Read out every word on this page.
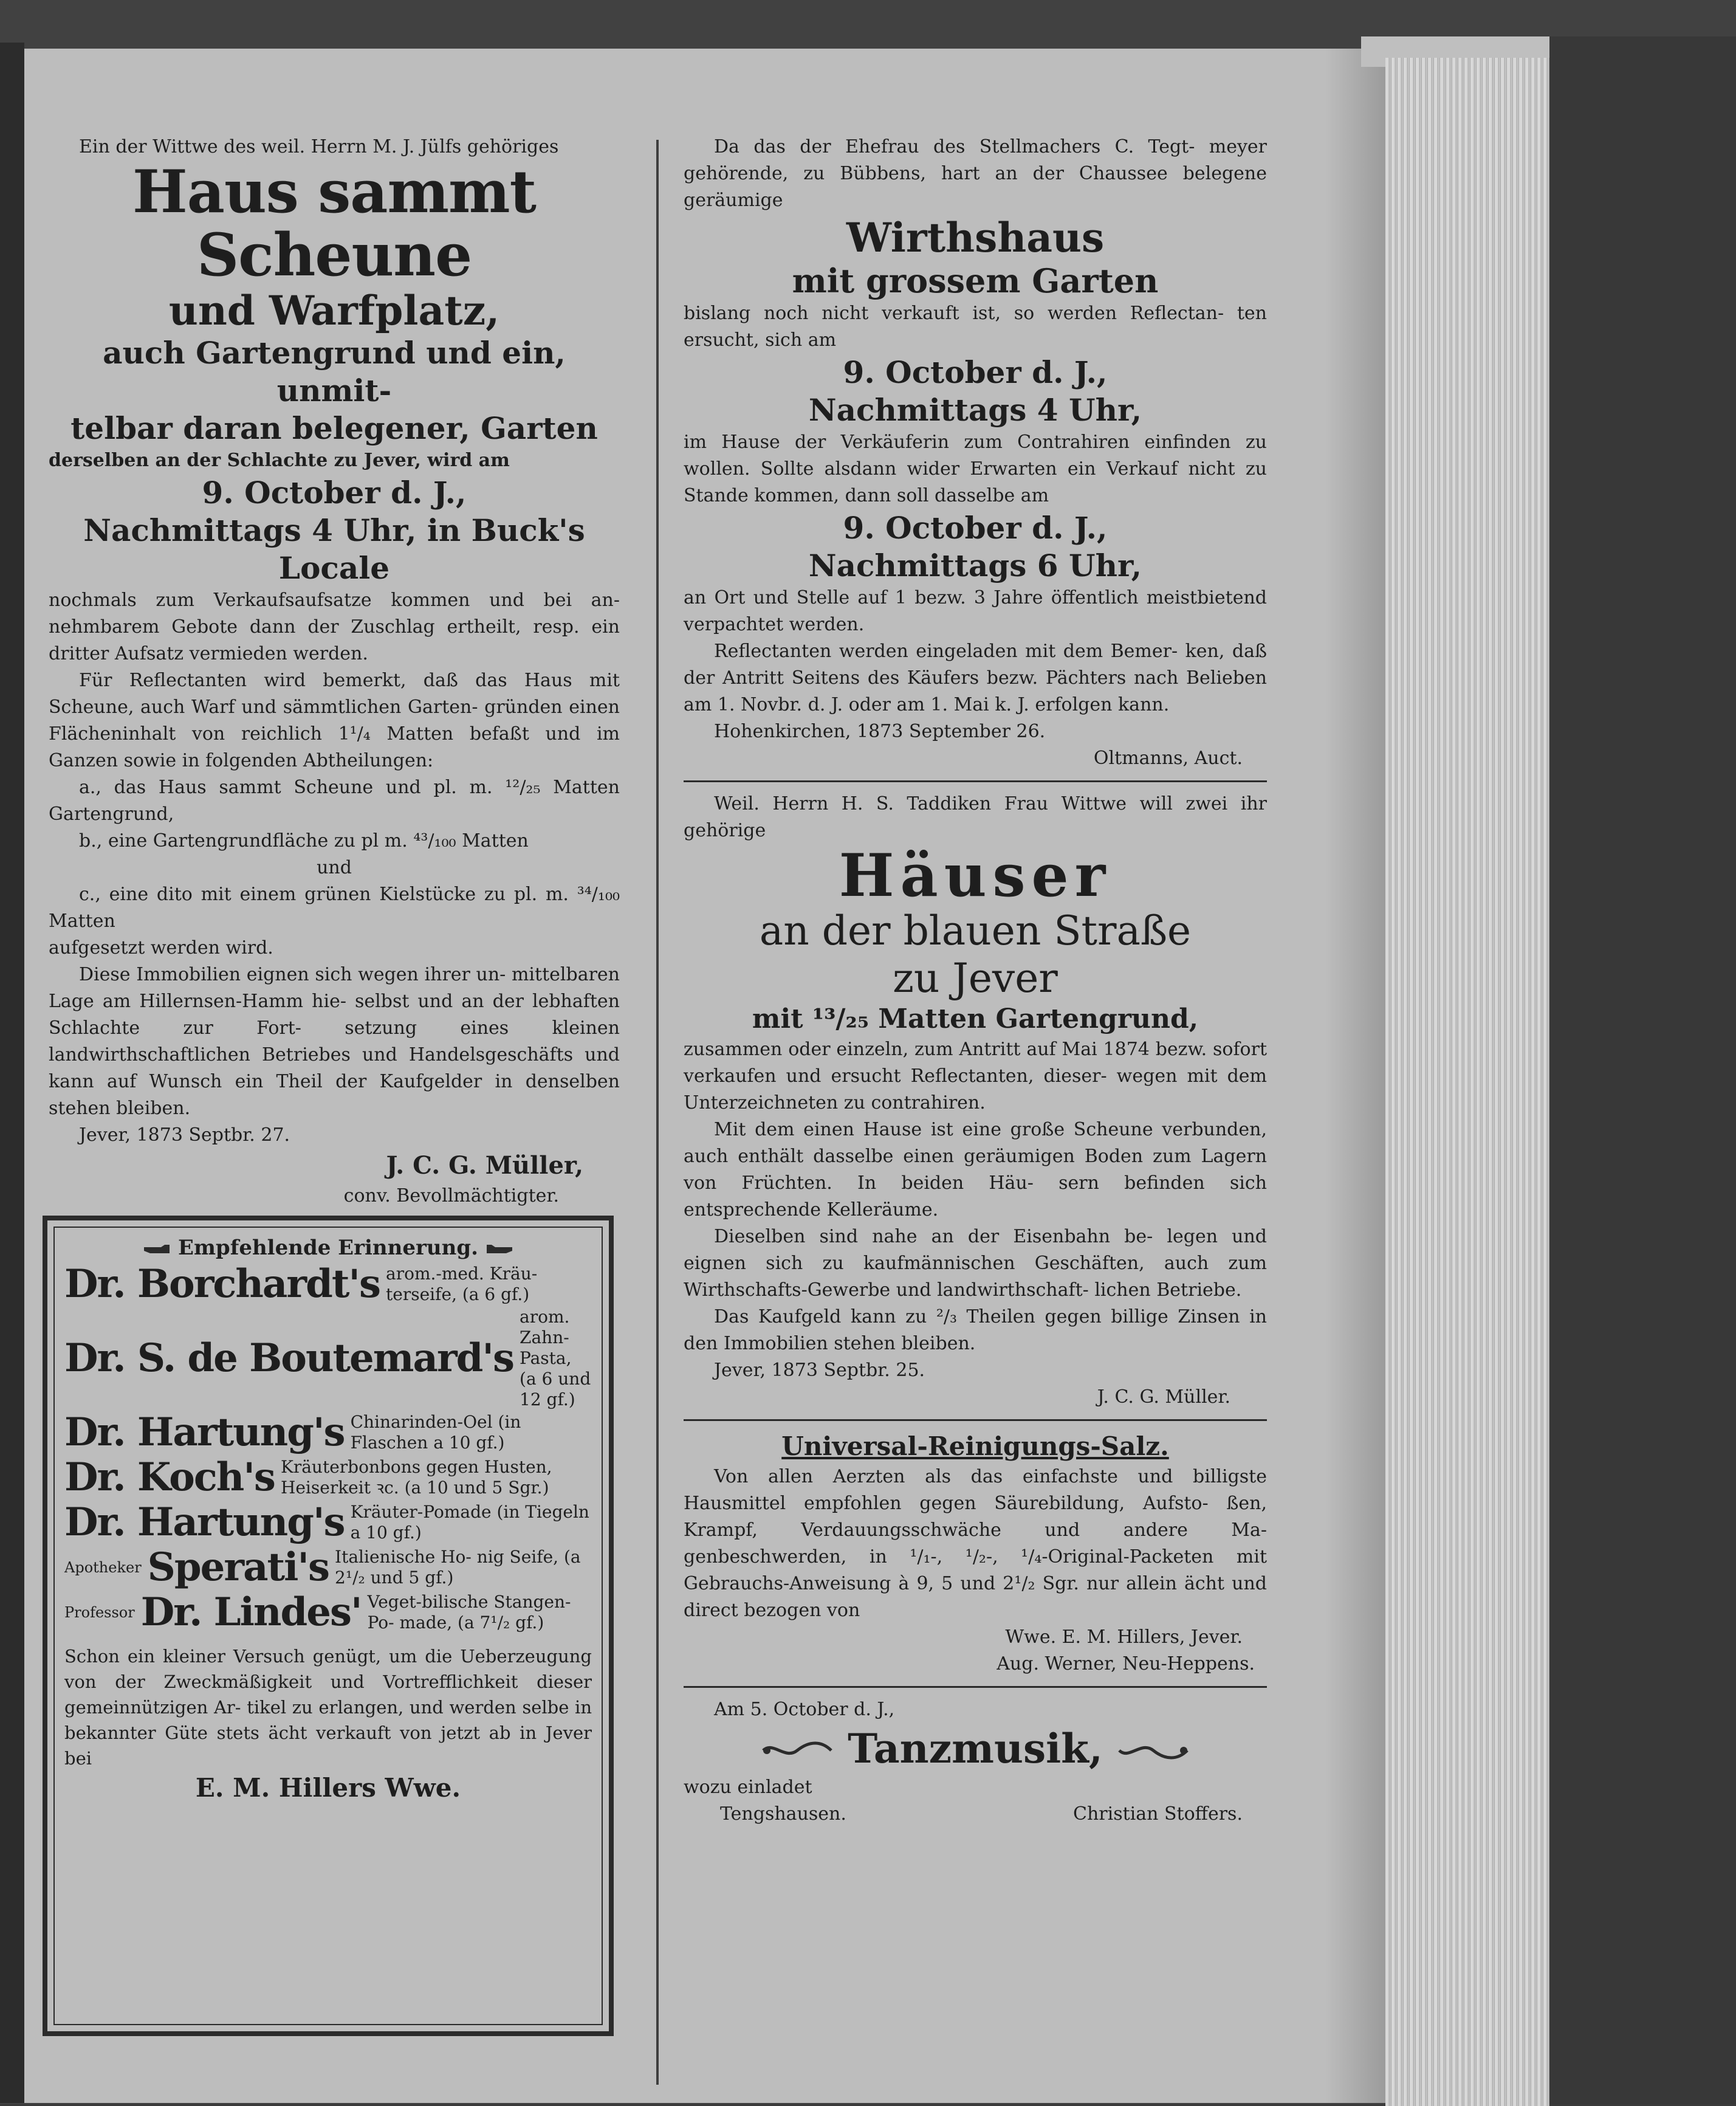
Ein der Wittwe des weil. Herrn M. J. Jülfs gehöriges

Haus sammt Scheune

und Warfplatz,

auch Gartengrund und ein, unmit-

telbar daran belegener, Garten

derselben an der Schlachte zu Jever, wird am

9. October d. J.,

Nachmittags 4 Uhr, in Buck's

Locale

nochmals zum Verkaufsaufsatze kommen und bei an- nehmbarem Gebote dann der Zuschlag ertheilt, resp. ein dritter Aufsatz vermieden werden.

Für Reflectanten wird bemerkt, daß das Haus mit Scheune, auch Warf und sämmtlichen Garten- gründen einen Flächeninhalt von reichlich 1¹/₄ Matten befaßt und im Ganzen sowie in folgenden Abtheilungen:

a., das Haus sammt Scheune und pl. m. ¹²/₂₅ Matten Gartengrund,

b., eine Gartengrundfläche zu pl m. ⁴³/₁₀₀ Matten

und

c., eine dito mit einem grünen Kielstücke zu pl. m. ³⁴/₁₀₀ Matten

aufgesetzt werden wird.

Diese Immobilien eignen sich wegen ihrer un- mittelbaren Lage am Hillernsen-Hamm hie- selbst und an der lebhaften Schlachte zur Fort- setzung eines kleinen landwirthschaftlichen Betriebes und Handelsgeschäfts und kann auf Wunsch ein Theil der Kaufgelder in denselben stehen bleiben.

Jever, 1873 Septbr. 27.

J. C. G. Müller,

conv. Bevollmächtigter.

Empfehlende Erinnerung.

Dr. Borchardt's arom.-med. Kräu- terseife, (a 6 gf.)
Dr. S. de Boutemard's
arom. Zahn- Pasta, (a 6 und 12 gf.)
Dr. Hartung's Chinarinden-Oel (in Flaschen a 10 gf.)
Dr. Koch's Kräuterbonbons gegen Husten, Heiserkeit ꝛc. (a 10 und 5 Sgr.)
Dr. Hartung's Kräuter-Pomade (in Tiegeln a 10 gf.)
Apotheker Sperati's Italienische Ho- nig Seife, (a 2¹/₂ und 5 gf.)
Professor Dr. Lindes' Veget-bilische Stangen-Po- made, (a 7¹/₂ gf.)

Schon ein kleiner Versuch genügt, um die Ueberzeugung von der Zweckmäßigkeit und Vortrefflichkeit dieser gemeinnützigen Ar- tikel zu erlangen, und werden selbe in bekannter Güte stets ächt verkauft von jetzt ab in Jever bei

E. M. Hillers Wwe.

Da das der Ehefrau des Stellmachers C. Tegt- meyer gehörende, zu Bübbens, hart an der Chaussee belegene geräumige

Wirthshaus

mit grossem Garten

bislang noch nicht verkauft ist, so werden Reflectan- ten ersucht, sich am

9. October d. J.,

Nachmittags 4 Uhr,

im Hause der Verkäuferin zum Contrahiren einfinden zu wollen. Sollte alsdann wider Erwarten ein Verkauf nicht zu Stande kommen, dann soll dasselbe am

9. October d. J.,

Nachmittags 6 Uhr,

an Ort und Stelle auf 1 bezw. 3 Jahre öffentlich meistbietend verpachtet werden.

Reflectanten werden eingeladen mit dem Bemer- ken, daß der Antritt Seitens des Käufers bezw. Pächters nach Belieben am 1. Novbr. d. J. oder am 1. Mai k. J. erfolgen kann.

Hohenkirchen, 1873 September 26.

Oltmanns, Auct.

Weil. Herrn H. S. Taddiken Frau Wittwe will zwei ihr gehörige

Häuser

an der blauen Straße

zu Jever

mit ¹³/₂₅ Matten Gartengrund,

zusammen oder einzeln, zum Antritt auf Mai 1874 bezw. sofort verkaufen und ersucht Reflectanten, dieser- wegen mit dem Unterzeichneten zu contrahiren.

Mit dem einen Hause ist eine große Scheune verbunden, auch enthält dasselbe einen geräumigen Boden zum Lagern von Früchten. In beiden Häu- sern befinden sich entsprechende Kelleräume.

Dieselben sind nahe an der Eisenbahn be- legen und eignen sich zu kaufmännischen Geschäften, auch zum Wirthschafts-Gewerbe und landwirthschaft- lichen Betriebe.

Das Kaufgeld kann zu ²/₃ Theilen gegen billige Zinsen in den Immobilien stehen bleiben.

Jever, 1873 Septbr. 25.

J. C. G. Müller.

Universal-Reinigungs-Salz.

Von allen Aerzten als das einfachste und billigste Hausmittel empfohlen gegen Säurebildung, Aufsto- ßen, Krampf, Verdauungsschwäche und andere Ma- genbeschwerden, in ¹/₁-, ¹/₂-, ¹/₄-Original-Packeten mit Gebrauchs-Anweisung à 9, 5 und 2¹/₂ Sgr. nur allein ächt und direct bezogen von

Wwe. E. M. Hillers, Jever.

Aug. Werner, Neu-Heppens.

Am 5. October d. J.,

Tanzmusik,

wozu einladet

Tengshausen.	Christian Stoffers.
